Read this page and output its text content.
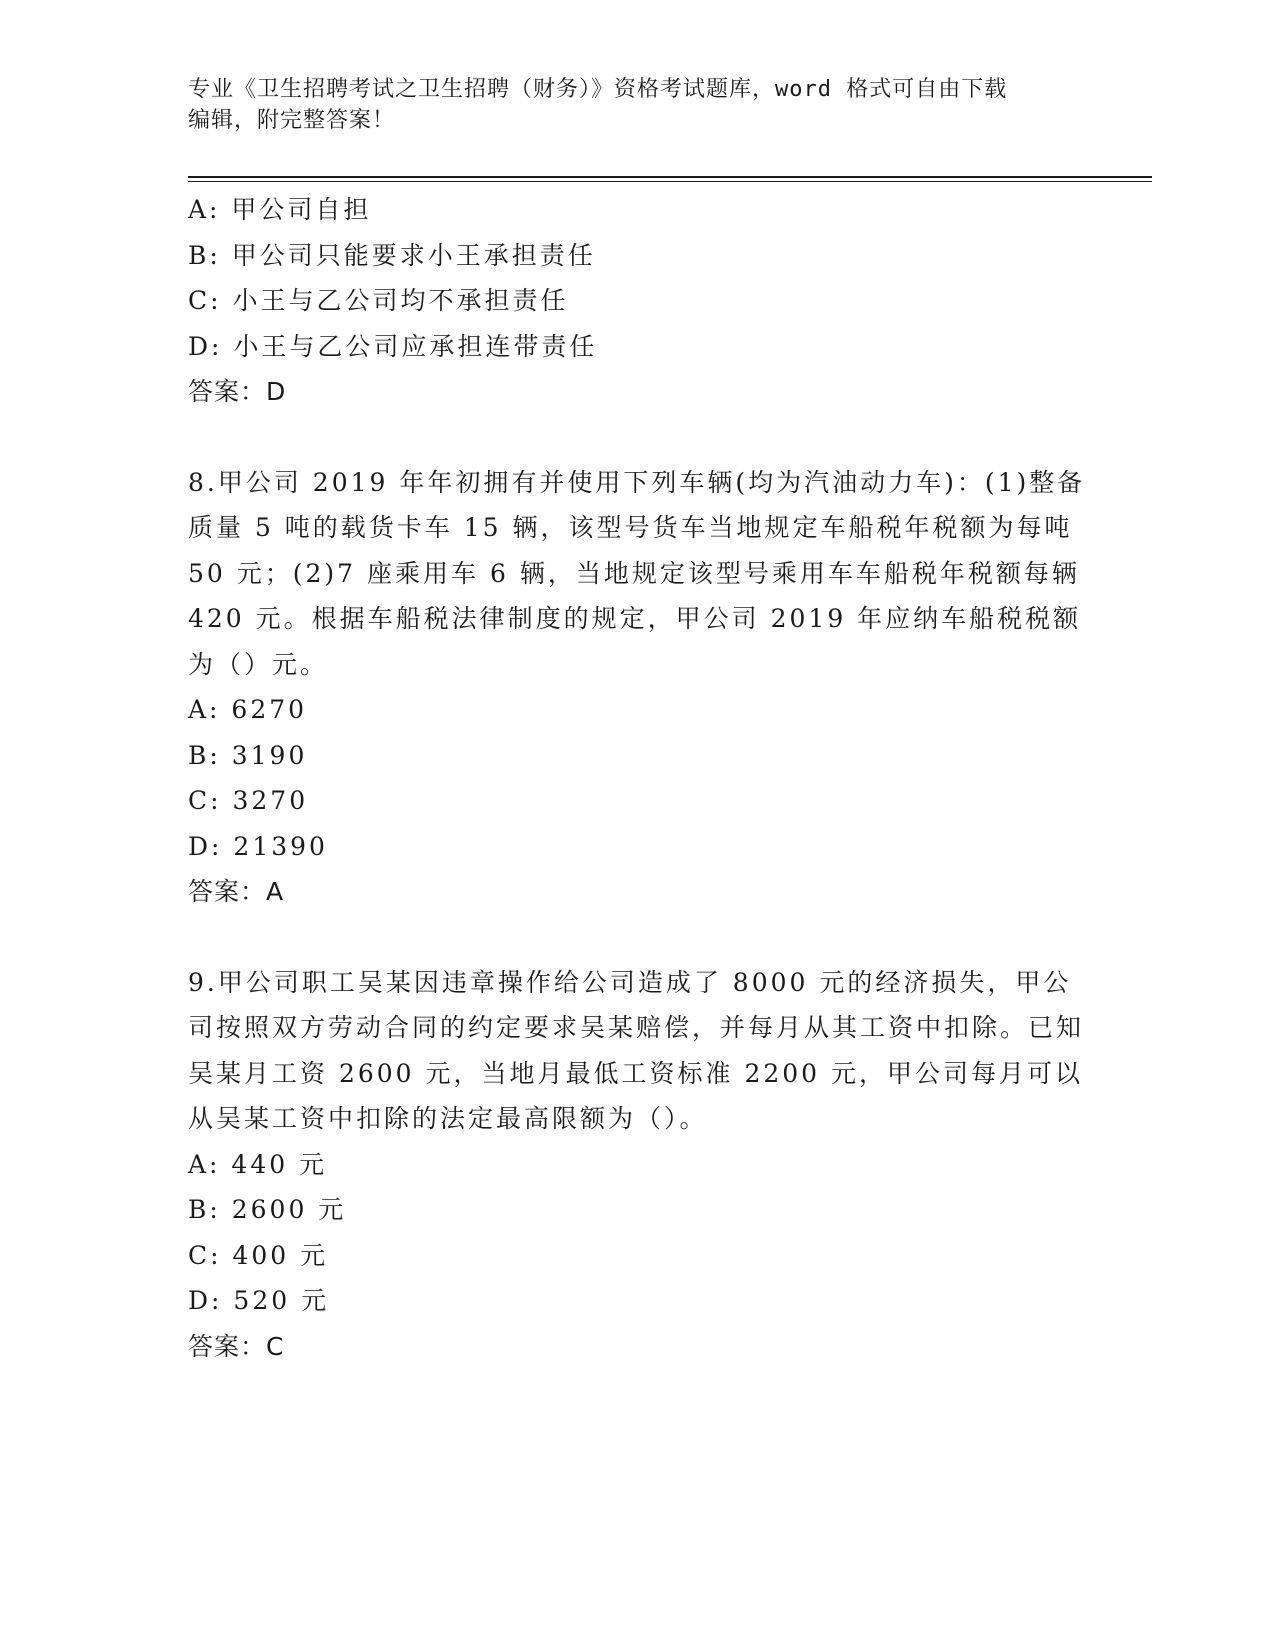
专业《卫生招聘考试之卫生招聘（财务）》资格考试题库，word 格式可自由下载
编辑，附完整答案！
A: 甲公司自担
B: 甲公司只能要求小王承担责任
C: 小王与乙公司均不承担责任
D: 小王与乙公司应承担连带责任
答案：D
8.甲公司 2019 年年初拥有并使用下列车辆(均为汽油动力车)：(1)整备质量 5 吨的载货卡车 15 辆，该型号货车当地规定车船税年税额为每吨 50 元；(2)7 座乘用车 6 辆，当地规定该型号乘用车车船税年税额每辆 420 元。根据车船税法律制度的规定，甲公司 2019 年应纳车船税税额为（）元。
A: 6270
B: 3190
C: 3270
D: 21390
答案：A
9.甲公司职工吴某因违章操作给公司造成了 8000 元的经济损失，甲公司按照双方劳动合同的约定要求吴某赔偿，并每月从其工资中扣除。已知吴某月工资 2600 元，当地月最低工资标准 2200 元，甲公司每月可以从吴某工资中扣除的法定最高限额为（）。
A: 440 元
B: 2600 元
C: 400 元
D: 520 元
答案：C
